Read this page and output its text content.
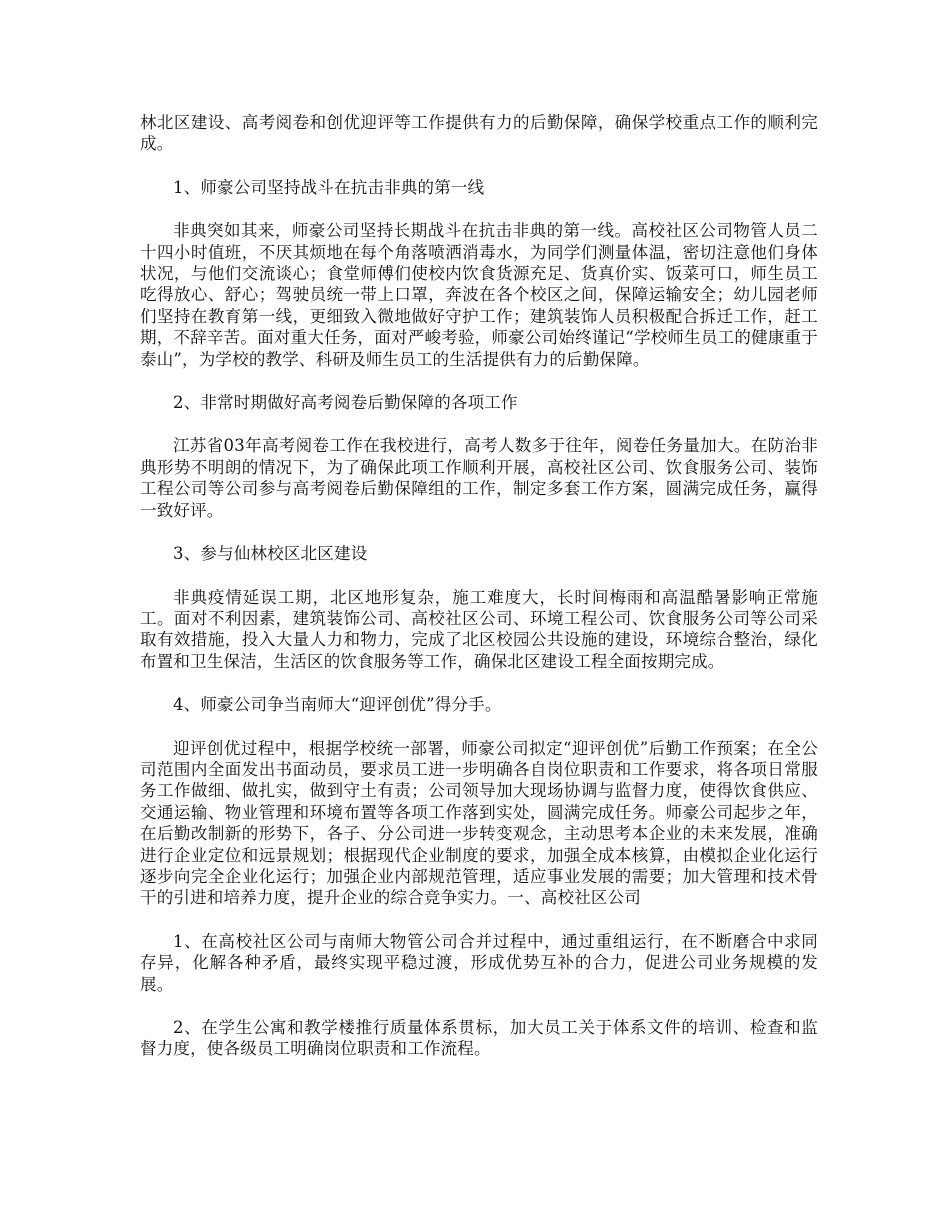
林北区建设、高考阅卷和创优迎评等工作提供有力的后勤保障，确保学校重点工作的顺利完成。

1、师豪公司坚持战斗在抗击非典的第一线

非典突如其来，师豪公司坚持长期战斗在抗击非典的第一线。高校社区公司物管人员二十四小时值班，不厌其烦地在每个角落喷洒消毒水，为同学们测量体温，密切注意他们身体状况，与他们交流谈心；食堂师傅们使校内饮食货源充足、货真价实、饭菜可口，师生员工吃得放心、舒心；驾驶员统一带上口罩，奔波在各个校区之间，保障运输安全；幼儿园老师们坚持在教育第一线，更细致入微地做好守护工作；建筑装饰人员积极配合拆迁工作，赶工期，不辞辛苦。面对重大任务，面对严峻考验，师豪公司始终谨记“学校师生员工的健康重于泰山”，为学校的教学、科研及师生员工的生活提供有力的后勤保障。

2、非常时期做好高考阅卷后勤保障的各项工作

江苏省03年高考阅卷工作在我校进行，高考人数多于往年，阅卷任务量加大。在防治非典形势不明朗的情况下，为了确保此项工作顺利开展，高校社区公司、饮食服务公司、装饰工程公司等公司参与高考阅卷后勤保障组的工作，制定多套工作方案，圆满完成任务，赢得一致好评。

3、参与仙林校区北区建设

非典疫情延误工期，北区地形复杂，施工难度大，长时间梅雨和高温酷暑影响正常施工。面对不利因素，建筑装饰公司、高校社区公司、环境工程公司、饮食服务公司等公司采取有效措施，投入大量人力和物力，完成了北区校园公共设施的建设，环境综合整治，绿化布置和卫生保洁，生活区的饮食服务等工作，确保北区建设工程全面按期完成。

4、师豪公司争当南师大“迎评创优”得分手。

迎评创优过程中，根据学校统一部署，师豪公司拟定“迎评创优”后勤工作预案；在全公司范围内全面发出书面动员，要求员工进一步明确各自岗位职责和工作要求，将各项日常服务工作做细、做扎实，做到守土有责；公司领导加大现场协调与监督力度，使得饮食供应、交通运输、物业管理和环境布置等各项工作落到实处，圆满完成任务。师豪公司起步之年，在后勤改制新的形势下，各子、分公司进一步转变观念，主动思考本企业的未来发展，准确进行企业定位和远景规划；根据现代企业制度的要求，加强全成本核算，由模拟企业化运行逐步向完全企业化运行；加强企业内部规范管理，适应事业发展的需要；加大管理和技术骨干的引进和培养力度，提升企业的综合竞争实力。一、高校社区公司

1、在高校社区公司与南师大物管公司合并过程中，通过重组运行，在不断磨合中求同存异，化解各种矛盾，最终实现平稳过渡，形成优势互补的合力，促进公司业务规模的发展。

2、在学生公寓和教学楼推行质量体系贯标，加大员工关于体系文件的培训、检查和监督力度，使各级员工明确岗位职责和工作流程。
